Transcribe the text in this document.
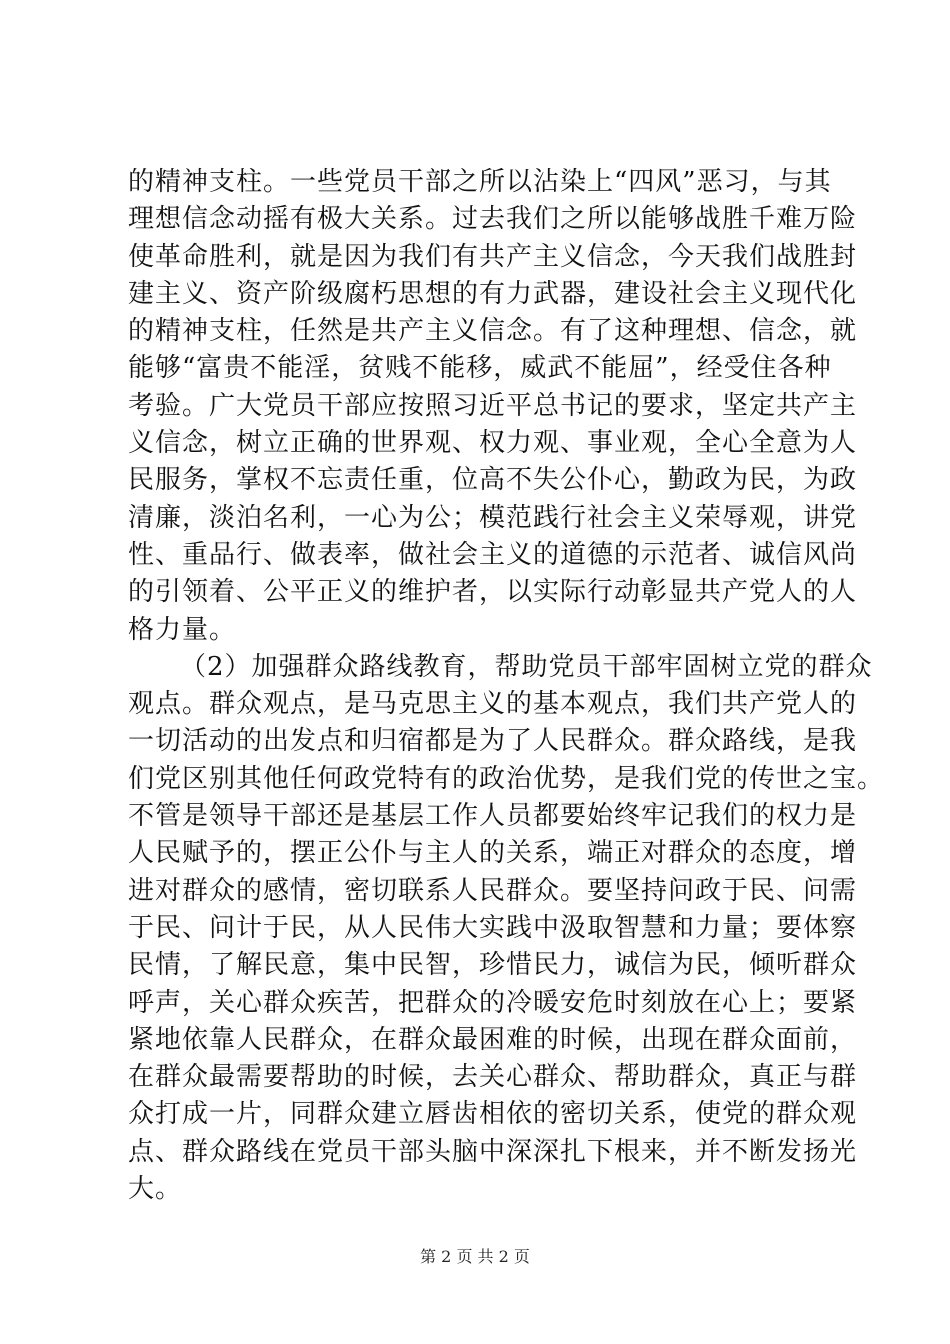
的精神支柱。一些党员干部之所以沾染上“四风”恶习，与其
理想信念动摇有极大关系。过去我们之所以能够战胜千难万险
使革命胜利，就是因为我们有共产主义信念，今天我们战胜封
建主义、资产阶级腐朽思想的有力武器，建设社会主义现代化
的精神支柱，任然是共产主义信念。有了这种理想、信念，就
能够“富贵不能淫，贫贱不能移，威武不能屈”，经受住各种
考验。广大党员干部应按照习近平总书记的要求，坚定共产主
义信念，树立正确的世界观、权力观、事业观，全心全意为人
民服务，掌权不忘责任重，位高不失公仆心，勤政为民，为政
清廉，淡泊名利，一心为公；模范践行社会主义荣辱观，讲党
性、重品行、做表率，做社会主义的道德的示范者、诚信风尚
的引领着、公平正义的维护者，以实际行动彰显共产党人的人
格力量。
（2）加强群众路线教育，帮助党员干部牢固树立党的群众
观点。群众观点，是马克思主义的基本观点，我们共产党人的
一切活动的出发点和归宿都是为了人民群众。群众路线，是我
们党区别其他任何政党特有的政治优势，是我们党的传世之宝。
不管是领导干部还是基层工作人员都要始终牢记我们的权力是
人民赋予的，摆正公仆与主人的关系，端正对群众的态度，增
进对群众的感情，密切联系人民群众。要坚持问政于民、问需
于民、问计于民，从人民伟大实践中汲取智慧和力量；要体察
民情，了解民意，集中民智，珍惜民力，诚信为民，倾听群众
呼声，关心群众疾苦，把群众的冷暖安危时刻放在心上；要紧
紧地依靠人民群众，在群众最困难的时候，出现在群众面前，
在群众最需要帮助的时候，去关心群众、帮助群众，真正与群
众打成一片，同群众建立唇齿相依的密切关系，使党的群众观
点、群众路线在党员干部头脑中深深扎下根来，并不断发扬光
大。
第 2 页 共 2 页
